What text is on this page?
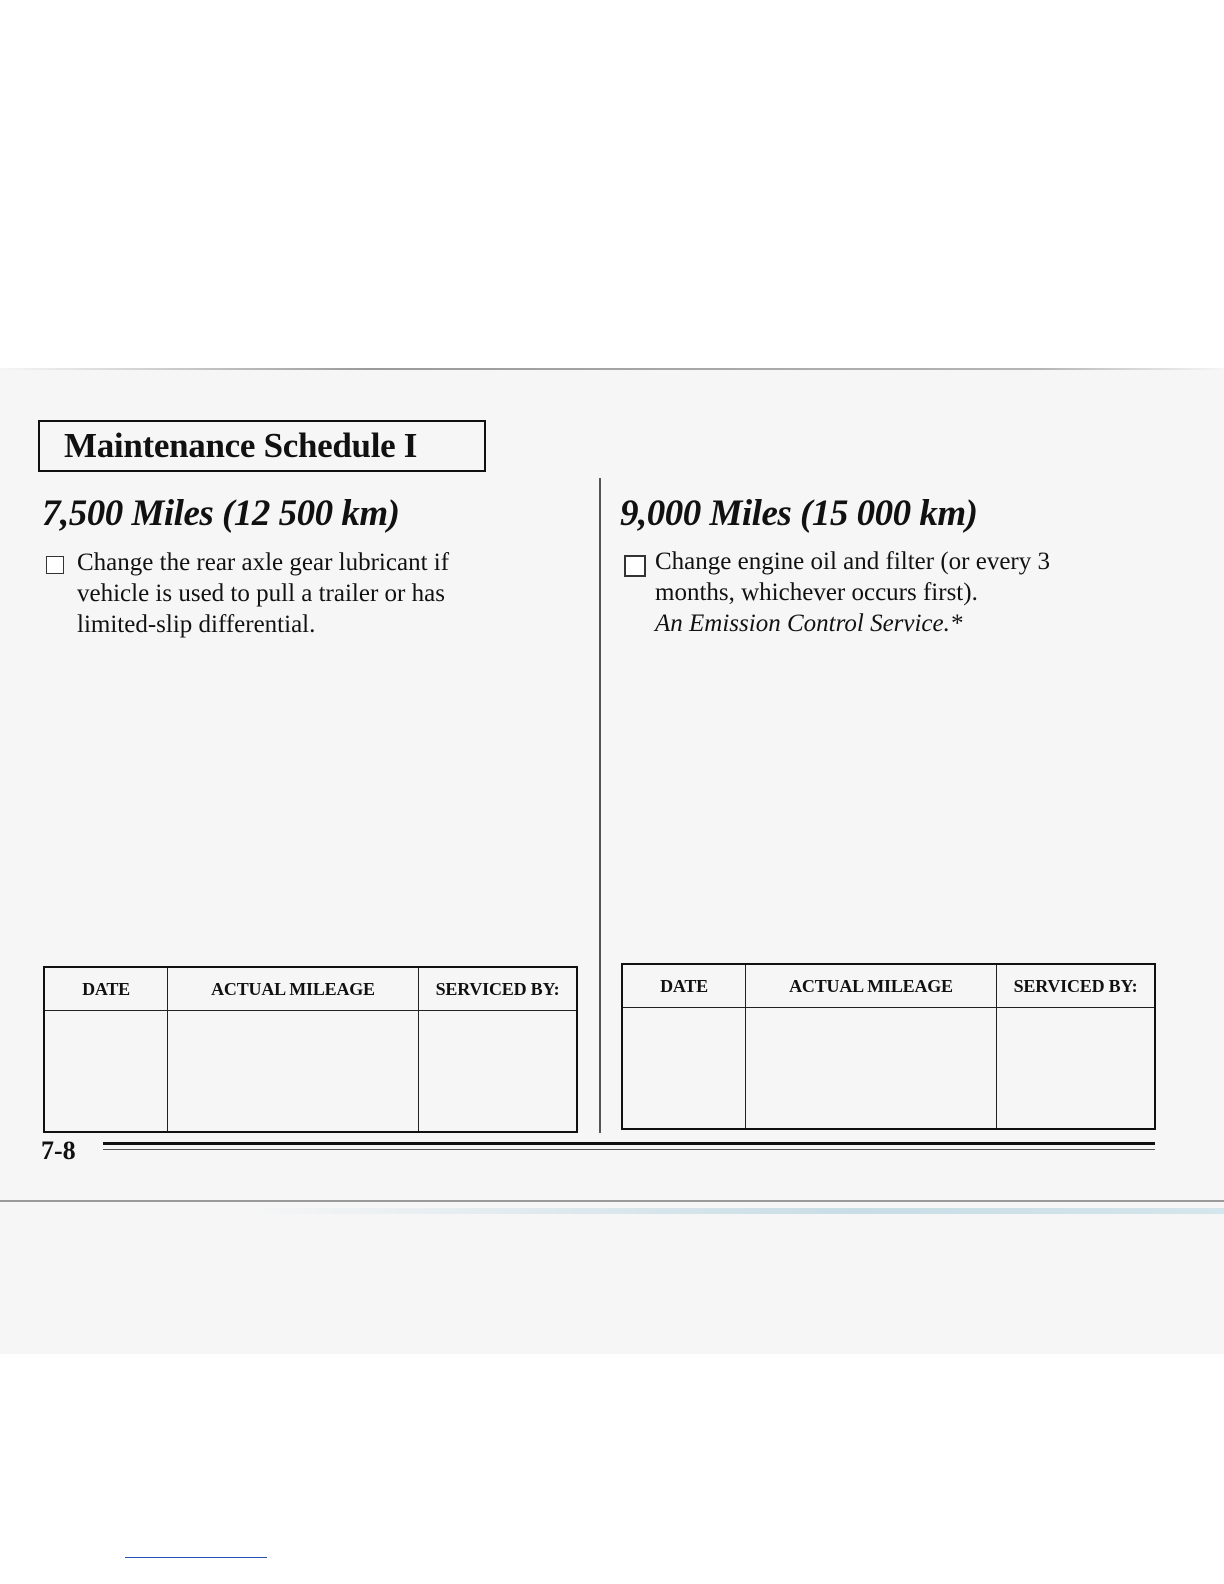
Maintenance Schedule I
7,500 Miles (12 500 km)
Change the rear axle gear lubricant if vehicle is used to pull a trailer or has limited-slip differential.
DATE	ACTUAL MILEAGE	SERVICED BY:

9,000 Miles (15 000 km)
Change engine oil and filter (or every 3 months, whichever occurs first).
An Emission Control Service.*
DATE	ACTUAL MILEAGE	SERVICED BY:

7-8
